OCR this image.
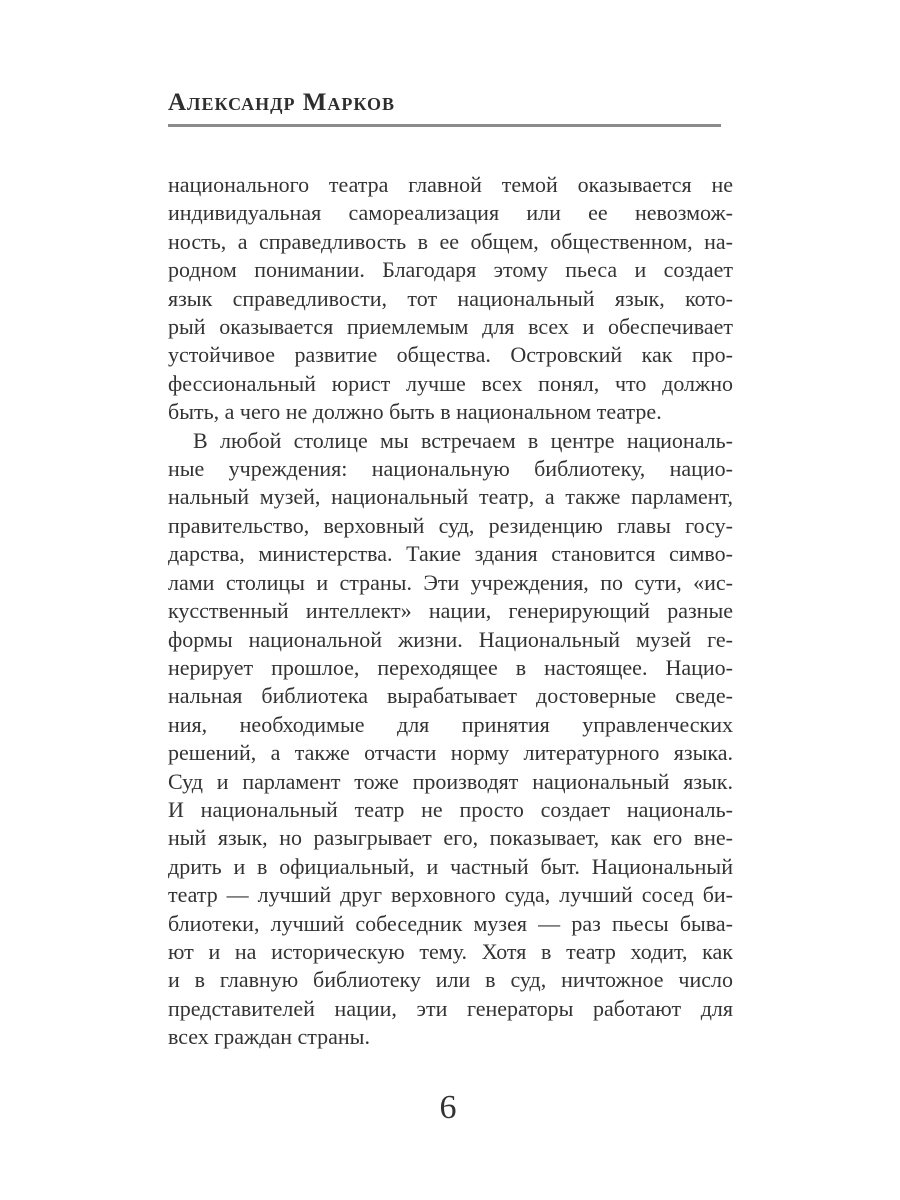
Александр Марков
национального театра главной темой оказывается не
индивидуальная самореализация или ее невозмож-
ность, а справедливость в ее общем, общественном, на-
родном понимании. Благодаря этому пьеса и создает
язык справедливости, тот национальный язык, кото-
рый оказывается приемлемым для всех и обеспечивает
устойчивое развитие общества. Островский как про-
фессиональный юрист лучше всех понял, что должно
быть, а чего не должно быть в национальном театре.
В любой столице мы встречаем в центре националь-
ные учреждения: национальную библиотеку, нацио-
нальный музей, национальный театр, а также парламент,
правительство, верховный суд, резиденцию главы госу-
дарства, министерства. Такие здания становится симво-
лами столицы и страны. Эти учреждения, по сути, «ис-
кусственный интеллект» нации, генерирующий разные
формы национальной жизни. Национальный музей ге-
нерирует прошлое, переходящее в настоящее. Нацио-
нальная библиотека вырабатывает достоверные сведе-
ния, необходимые для принятия управленческих
решений, а также отчасти норму литературного языка.
Суд и парламент тоже производят национальный язык.
И национальный театр не просто создает националь-
ный язык, но разыгрывает его, показывает, как его вне-
дрить и в официальный, и частный быт. Национальный
театр — лучший друг верховного суда, лучший сосед би-
блиотеки, лучший собеседник музея — раз пьесы быва-
ют и на историческую тему. Хотя в театр ходит, как
и в главную библиотеку или в суд, ничтожное число
представителей нации, эти генераторы работают для
всех граждан страны.
6
